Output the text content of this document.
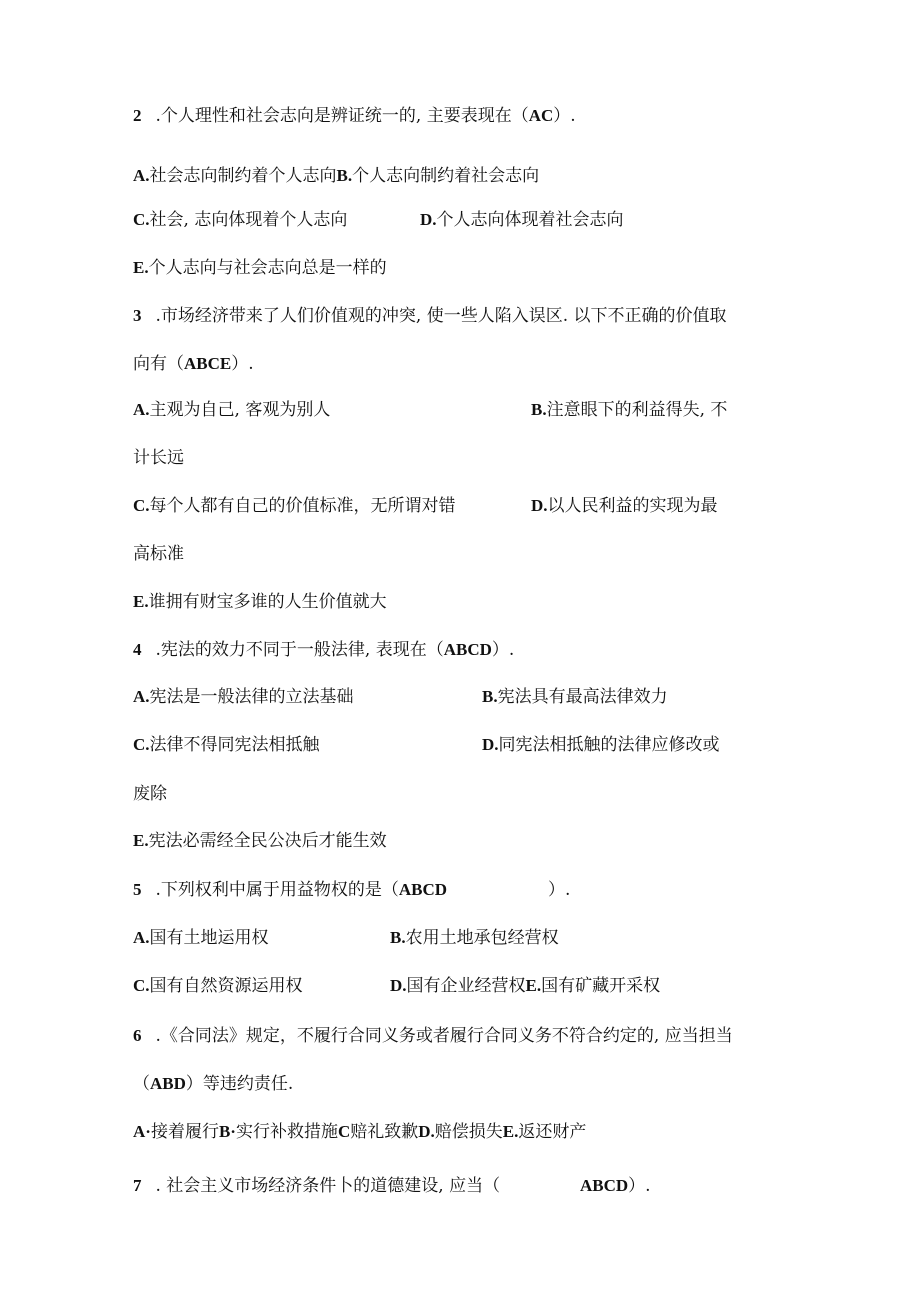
2 .个人理性和社会志向是辨证统一的, 主要表现在（AC）.
A.社会志向制约着个人志向B.个人志向制约着社会志向
C.社会, 志向体现着个人志向	D.个人志向体现着社会志向
E.个人志向与社会志向总是一样的
3 .市场经济带来了人们价值观的冲突, 使一些人陷入误区. 以下不正确的价值取
向有（ABCE）.
A.主观为自己, 客观为别人	B.注意眼下的利益得失, 不
计长远
C.每个人都有自己的价值标准，无所谓对错	D.以人民利益的实现为最
高标准
E.谁拥有财宝多谁的人生价值就大
4 .宪法的效力不同于一般法律, 表现在（ABCD）.
A.宪法是一般法律的立法基础	B.宪法具有最高法律效力
C.法律不得同宪法相抵触	D.同宪法相抵触的法律应修改或
废除
E.宪法必需经全民公决后才能生效
5 .下列权利中属于用益物权的是（ABCD	）.
A.国有土地运用权	B.农用土地承包经营权
C.国有自然资源运用权	D.国有企业经营权E.国有矿藏开采权
6 .《合同法》规定，不履行合同义务或者履行合同义务不符合约定的, 应当担当
（ABD）等违约责任.
A·接着履行B·实行补救措施C赔礼致歉D.赔偿损失E.返还财产
7 . 社会主义市场经济条件卜的道德建设, 应当（	ABCD）.
